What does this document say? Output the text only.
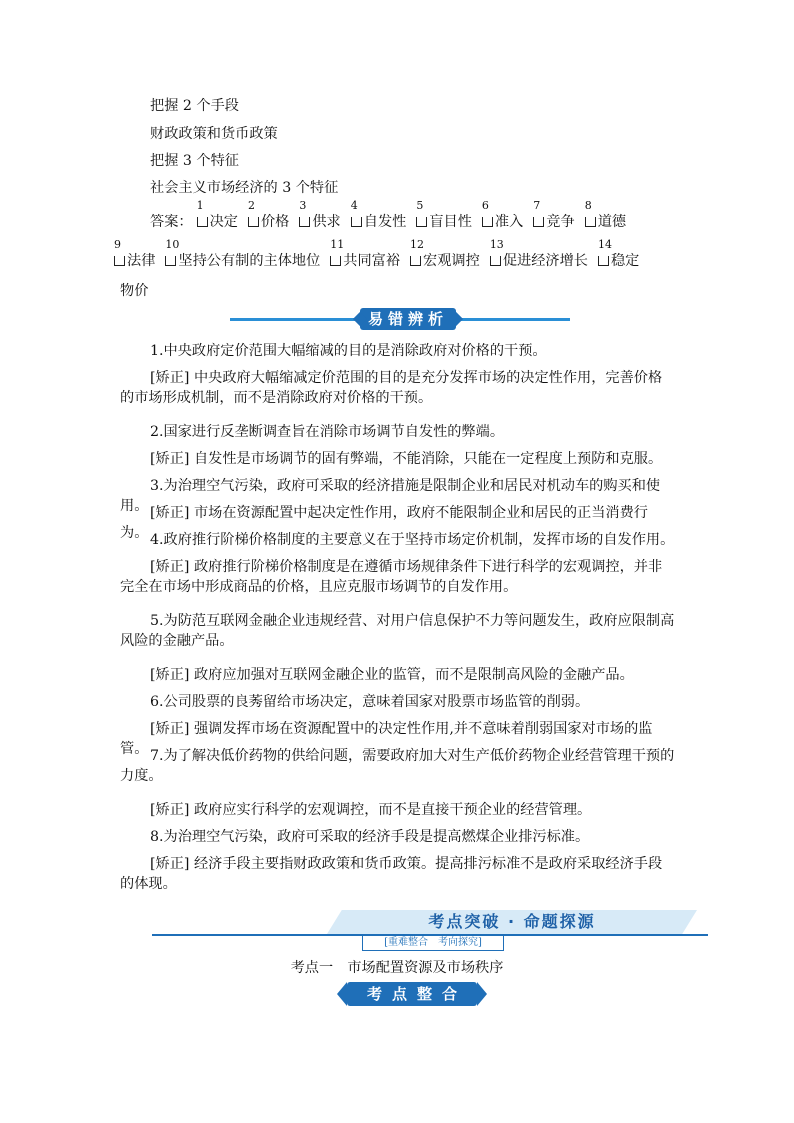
把握 2 个手段
财政政策和货币政策
把握 3 个特征
社会主义市场经济的 3 个特征
答案：
1
决定
2
价格
3
供求
4
自发性
5
盲目性
6
准入
7
竞争
8
道德
9
法律
10
坚持公有制的主体地位
11
共同富裕
12
宏观调控
13
促进经济增长
14
稳定
物价
易错辨析
1.中央政府定价范围大幅缩减的目的是消除政府对价格的干预。
[矫正] 中央政府大幅缩减定价范围的目的是充分发挥市场的决定性作用，完善价格的市场形成机制，而不是消除政府对价格的干预。
2.国家进行反垄断调查旨在消除市场调节自发性的弊端。
[矫正] 自发性是市场调节的固有弊端，不能消除，只能在一定程度上预防和克服。
3.为治理空气污染，政府可采取的经济措施是限制企业和居民对机动车的购买和使用。 [矫正] 市场在资源配置中起决定性作用，政府不能限制企业和居民的正当消费行为。 4.政府推行阶梯价格制度的主要意义在于坚持市场定价机制，发挥市场的自发作用。
[矫正] 政府推行阶梯价格制度是在遵循市场规律条件下进行科学的宏观调控，并非完全在市场中形成商品的价格，且应克服市场调节的自发作用。
5.为防范互联网金融企业违规经营、对用户信息保护不力等问题发生，政府应限制高风险的金融产品。
[矫正] 政府应加强对互联网金融企业的监管，而不是限制高风险的金融产品。
6.公司股票的良莠留给市场决定，意味着国家对股票市场监管的削弱。
[矫正] 强调发挥市场在资源配置中的决定性作用,并不意味着削弱国家对市场的监管。 7.为了解决低价药物的供给问题，需要政府加大对生产低价药物企业经营管理干预的力度。
[矫正] 政府应实行科学的宏观调控，而不是直接干预企业的经营管理。
8.为治理空气污染，政府可采取的经济手段是提高燃煤企业排污标准。
[矫正] 经济手段主要指财政政策和货币政策。提高排污标准不是政府采取经济手段的体现。
考点突破 · 命题探源
[重难整合　考向探究]
考点一　市场配置资源及市场秩序
考点整合
